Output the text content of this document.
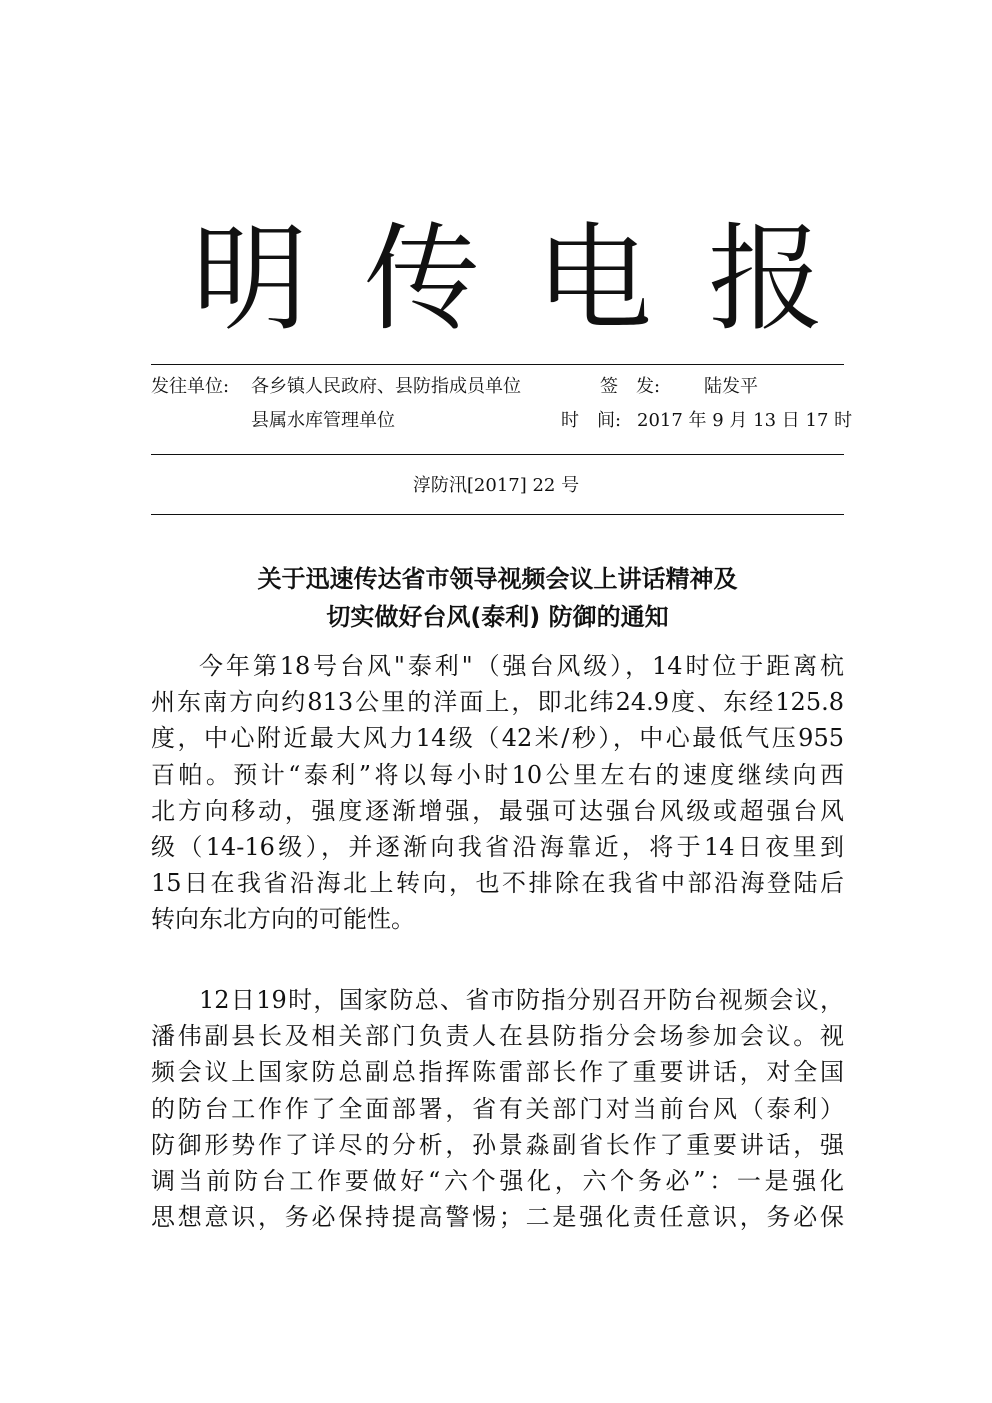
明 传 电 报
发往单位: 各乡镇人民政府、县防指成员单位
县属水库管理单位
签　发: 陆发平
时　间: 2017 年 9 月 13 日 17 时
淳防汛[2017] 22 号
关于迅速传达省市领导视频会议上讲话精神及
切实做好台风(泰利) 防御的通知
今年第18号台风"泰利"（强台风级），14时位于距离杭
州东南方向约813公里的洋面上，即北纬24.9度、东经125.8
度，中心附近最大风力14级（42米/秒），中心最低气压955
百帕。预计“泰利”将以每小时10公里左右的速度继续向西
北方向移动，强度逐渐增强，最强可达强台风级或超强台风
级（14-16级），并逐渐向我省沿海靠近，将于14日夜里到
15日在我省沿海北上转向，也不排除在我省中部沿海登陆后
转向东北方向的可能性。
12日19时，国家防总、省市防指分别召开防台视频会议，
潘伟副县长及相关部门负责人在县防指分会场参加会议。视
频会议上国家防总副总指挥陈雷部长作了重要讲话，对全国
的防台工作作了全面部署，省有关部门对当前台风（泰利）
防御形势作了详尽的分析，孙景淼副省长作了重要讲话，强
调当前防台工作要做好“六个强化，六个务必”：一是强化
思想意识，务必保持提高警惕；二是强化责任意识，务必保
